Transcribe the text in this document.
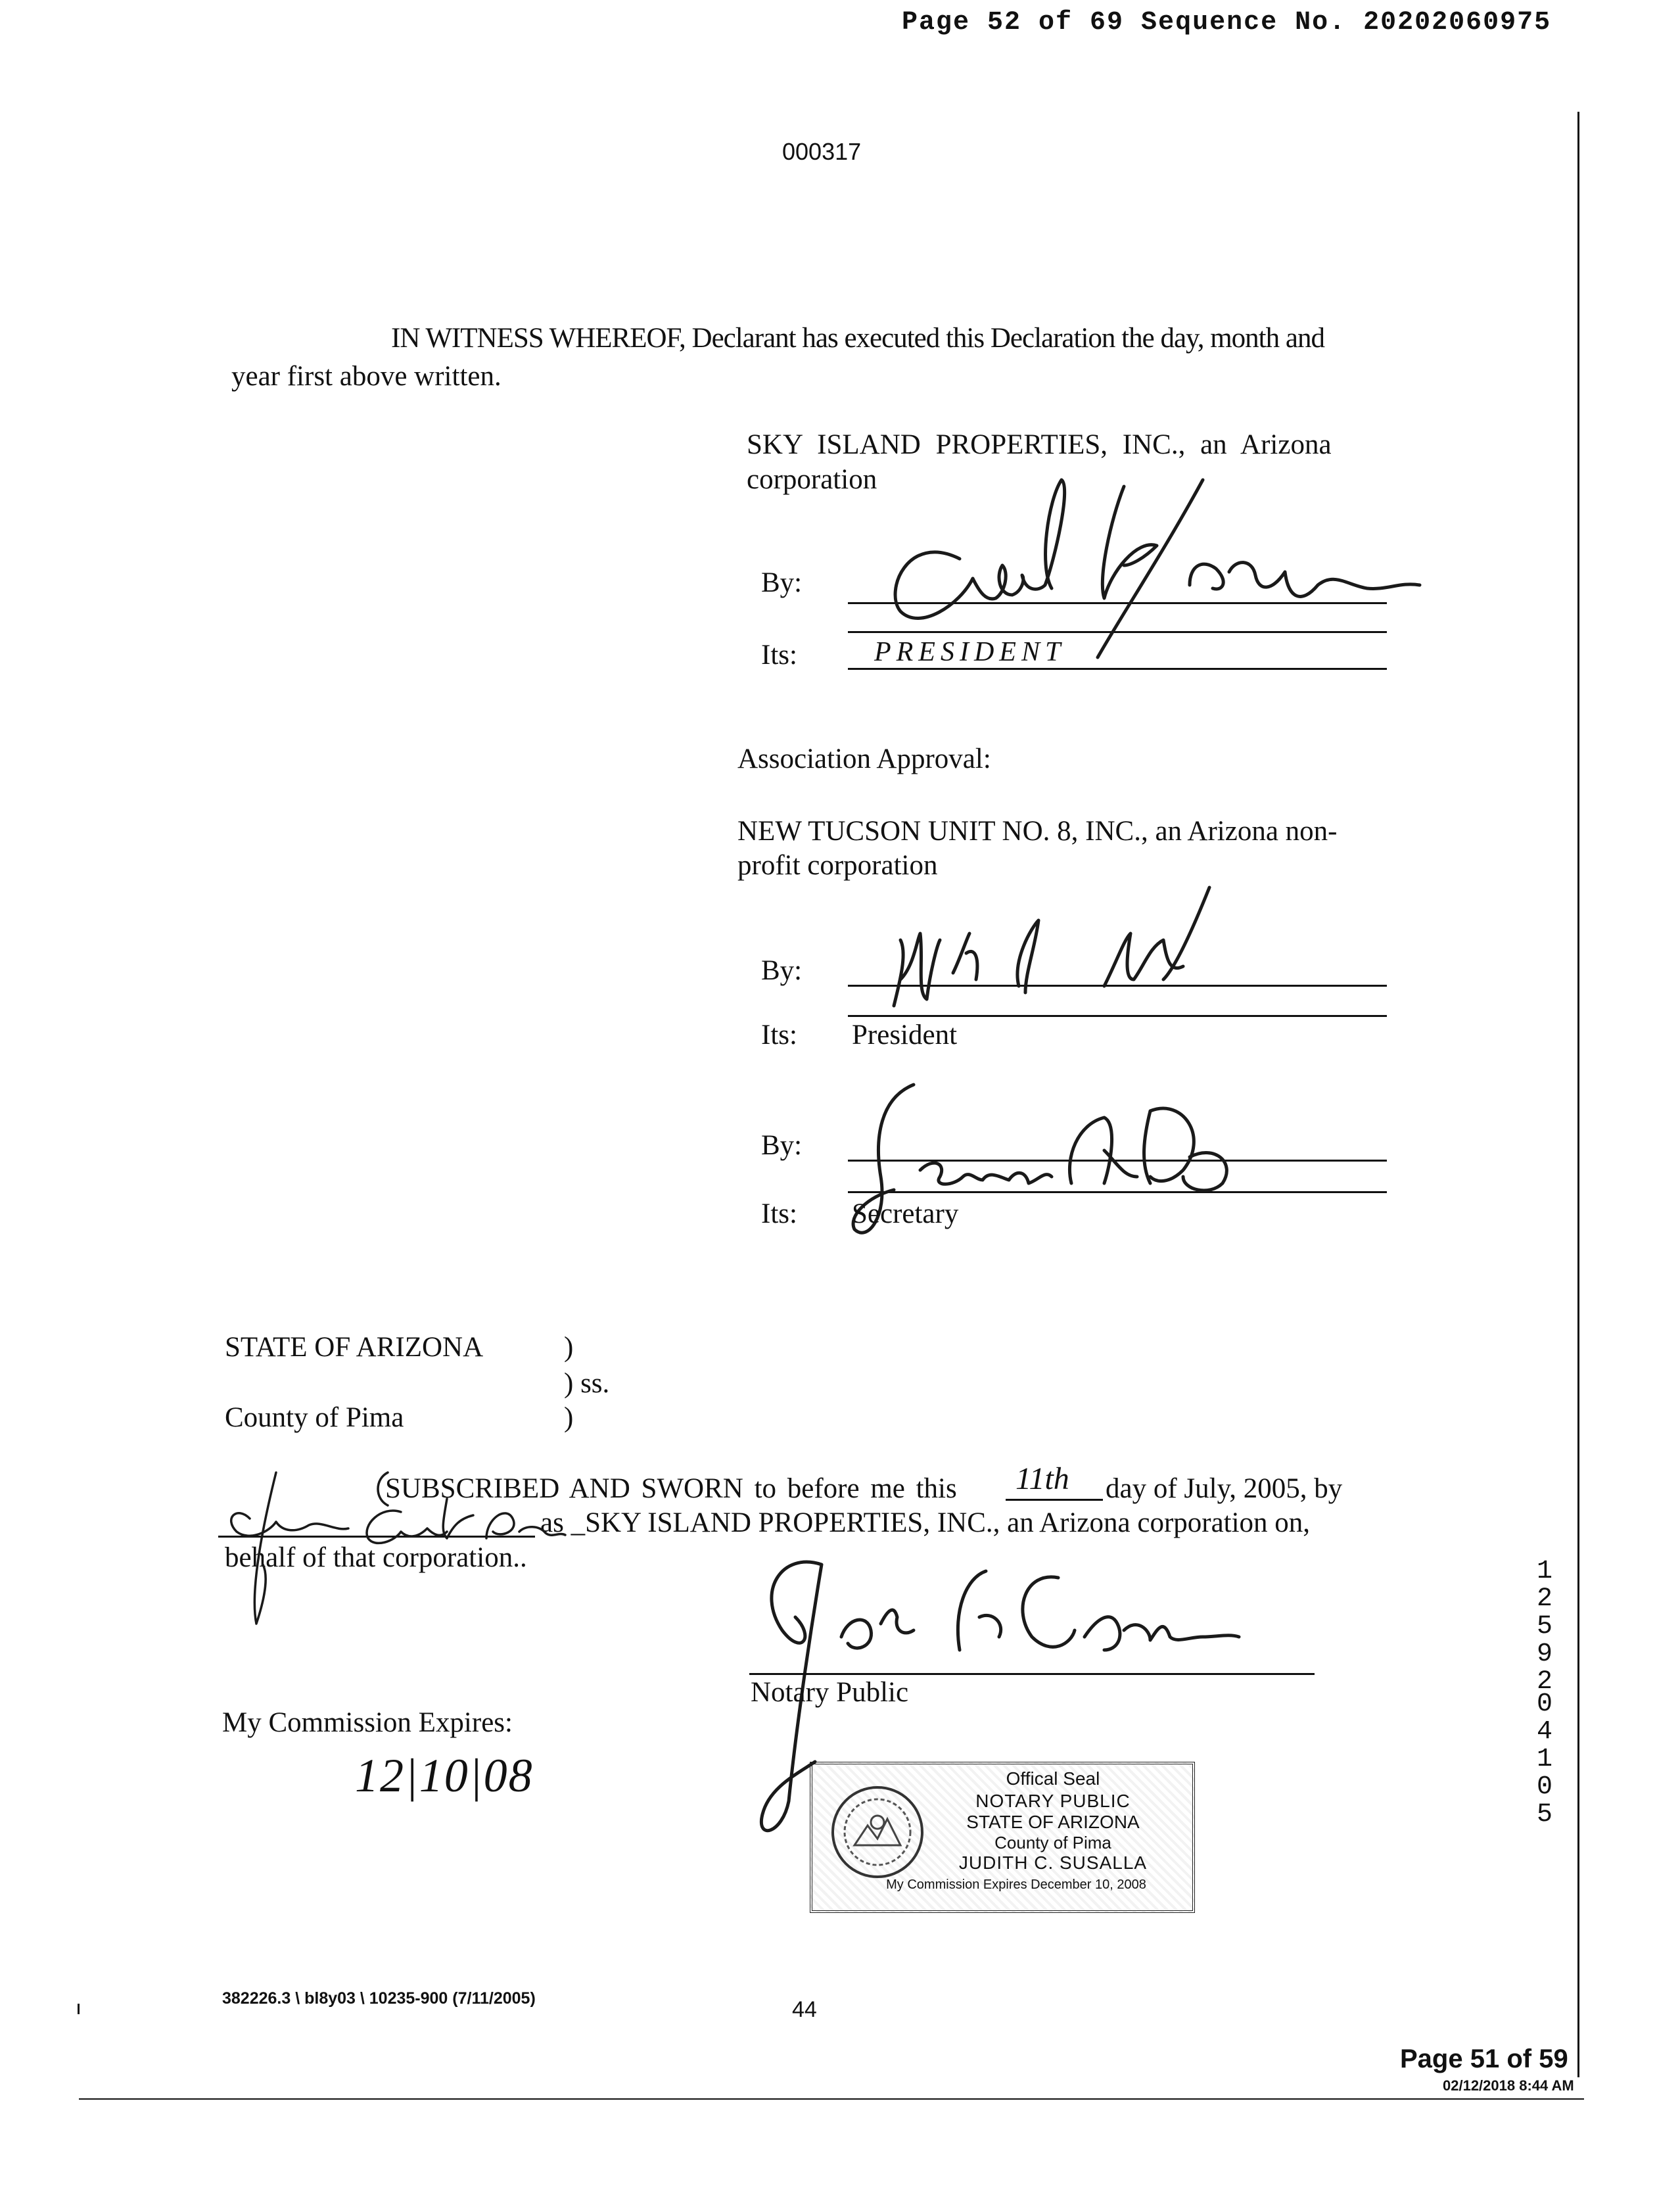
Page 52 of 69 Sequence No. 20202060975
000317
IN WITNESS WHEREOF, Declarant has executed this Declaration the day, month and
year first above written.
SKY ISLAND PROPERTIES, INC., an Arizona
corporation
By:
Its:	PRESIDENT
Association Approval:
NEW TUCSON UNIT NO. 8, INC., an Arizona non-
profit corporation
By:
Its: President
By:
Its: Secretary
STATE OF ARIZONA	)
) ss.
County of Pima	)
SUBSCRIBED AND SWORN to before me this 11th day of July, 2005, by
as _SKY ISLAND PROPERTIES, INC., an Arizona corporation on,
behalf of that corporation..
Notary Public
My Commission Expires:
12|10|08	Offical Seal
NOTARY PUBLIC
STATE OF ARIZONA
County of Pima
JUDITH C. SUSALLA
My Commission Expires December 10, 2008
12592
04105
382226.3 \ bl8y03 \ 10235-900 (7/11/2005)	44
Page 51 of 59
02/12/2018 8:44 AM
